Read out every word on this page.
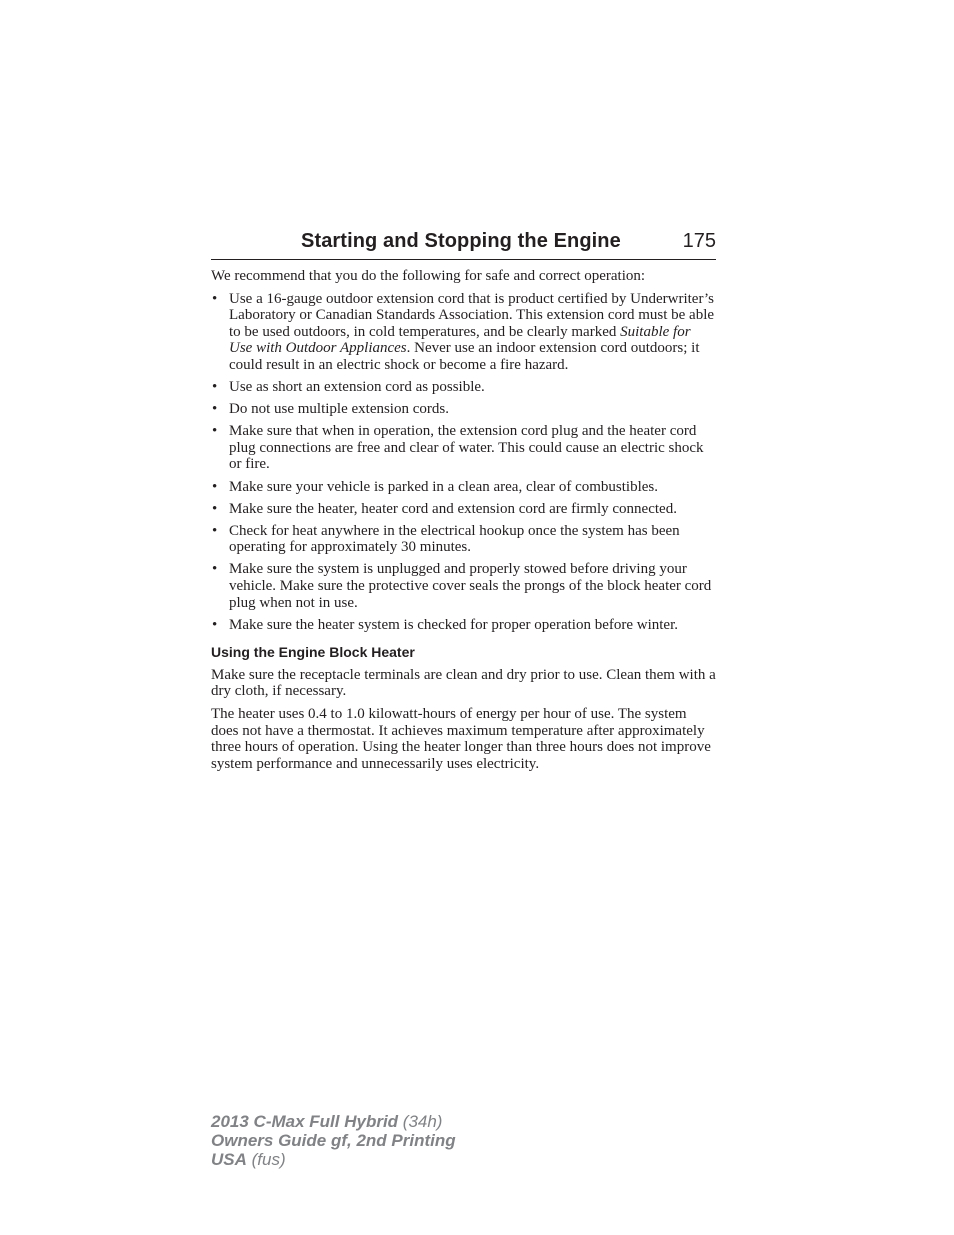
Starting and Stopping the Engine	175

We recommend that you do the following for safe and correct operation:

• Use a 16-gauge outdoor extension cord that is product certified by Underwriter’s Laboratory or Canadian Standards Association. This extension cord must be able to be used outdoors, in cold temperatures, and be clearly marked Suitable for Use with Outdoor Appliances. Never use an indoor extension cord outdoors; it could result in an electric shock or become a fire hazard.
• Use as short an extension cord as possible.
• Do not use multiple extension cords.
• Make sure that when in operation, the extension cord plug and the heater cord plug connections are free and clear of water. This could cause an electric shock or fire.
• Make sure your vehicle is parked in a clean area, clear of combustibles.
• Make sure the heater, heater cord and extension cord are firmly connected.
• Check for heat anywhere in the electrical hookup once the system has been operating for approximately 30 minutes.
• Make sure the system is unplugged and properly stowed before driving your vehicle. Make sure the protective cover seals the prongs of the block heater cord plug when not in use.
• Make sure the heater system is checked for proper operation before winter.
Using the Engine Block Heater

Make sure the receptacle terminals are clean and dry prior to use. Clean them with a dry cloth, if necessary.

The heater uses 0.4 to 1.0 kilowatt-hours of energy per hour of use. The system does not have a thermostat. It achieves maximum temperature after approximately three hours of operation. Using the heater longer than three hours does not improve system performance and unnecessarily uses electricity.

2013 C-Max Full Hybrid (34h)
Owners Guide gf, 2nd Printing
USA (fus)
